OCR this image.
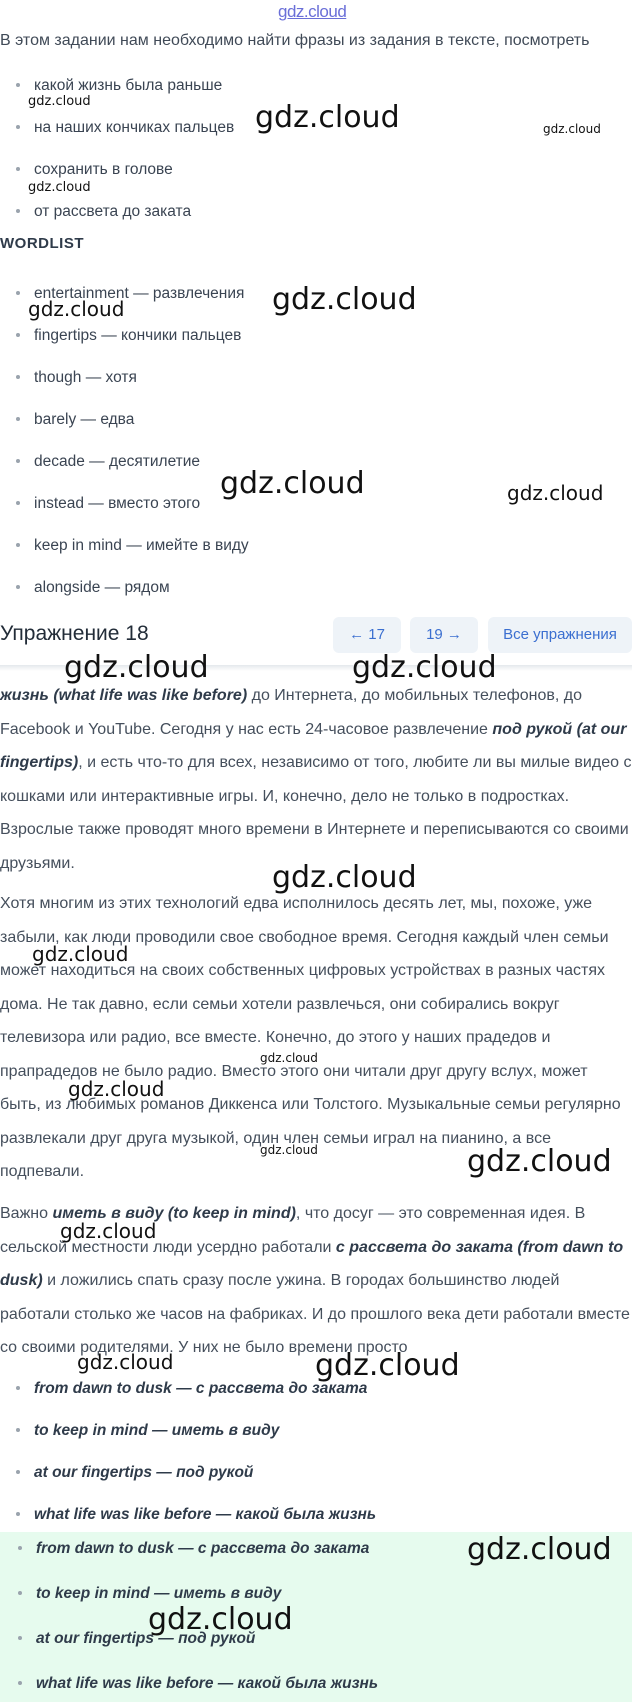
gdz.cloud
В этом задании нам необходимо найти фразы из задания в тексте, посмотреть
какой жизнь была раньше
на наших кончиках пальцев
сохранить в голове
от рассвета до заката
WORDLIST
entertainment — развлечения
fingertips — кончики пальцев
though — хотя
barely — едва
decade — десятилетие
instead — вместо этого
keep in mind — имейте в виду
alongside — рядом
Упражнение 18	← 17	19 →	Все упражнения
жизнь (what life was like before) до Интернета, до мобильных телефонов, до Facebook и YouTube. Сегодня у нас есть 24-часовое развлечение под рукой (at our fingertips), и есть что-то для всех, независимо от того, любите ли вы милые видео с кошками или интерактивные игры. И, конечно, дело не только в подростках. Взрослые также проводят много времени в Интернете и переписываются со своими друзьями.
Хотя многим из этих технологий едва исполнилось десять лет, мы, похоже, уже забыли, как люди проводили свое свободное время. Сегодня каждый член семьи может находиться на своих собственных цифровых устройствах в разных частях дома. Не так давно, если семьи хотели развлечься, они собирались вокруг телевизора или радио, все вместе. Конечно, до этого у наших прадедов и прапрадедов не было радио. Вместо этого они читали друг другу вслух, может быть, из любимых романов Диккенса или Толстого. Музыкальные семьи регулярно развлекали друг друга музыкой, один член семьи играл на пианино, а все подпевали.
Важно иметь в виду (to keep in mind), что досуг — это современная идея. В сельской местности люди усердно работали с рассвета до заката (from dawn to dusk) и ложились спать сразу после ужина. В городах большинство людей работали столько же часов на фабриках. И до прошлого века дети работали вместе со своими родителями. У них не было времени просто
from dawn to dusk — с рассвета до заката
to keep in mind — иметь в виду
at our fingertips — под рукой
what life was like before — какой была жизнь
from dawn to dusk — с рассвета до заката
to keep in mind — иметь в виду
at our fingertips — под рукой
what life was like before — какой была жизнь
gdz.cloud	gdz.cloud	gdz.cloud
gdz.cloud
gdz.cloud	gdz.cloud
gdz.cloud	gdz.cloud
gdz.cloud	gdz.cloud
gdz.cloud
gdz.cloud
gdz.cloud
gdz.cloud
gdz.cloud	gdz.cloud
gdz.cloud
gdz.cloud	gdz.cloud
gdz.cloud
gdz.cloud
